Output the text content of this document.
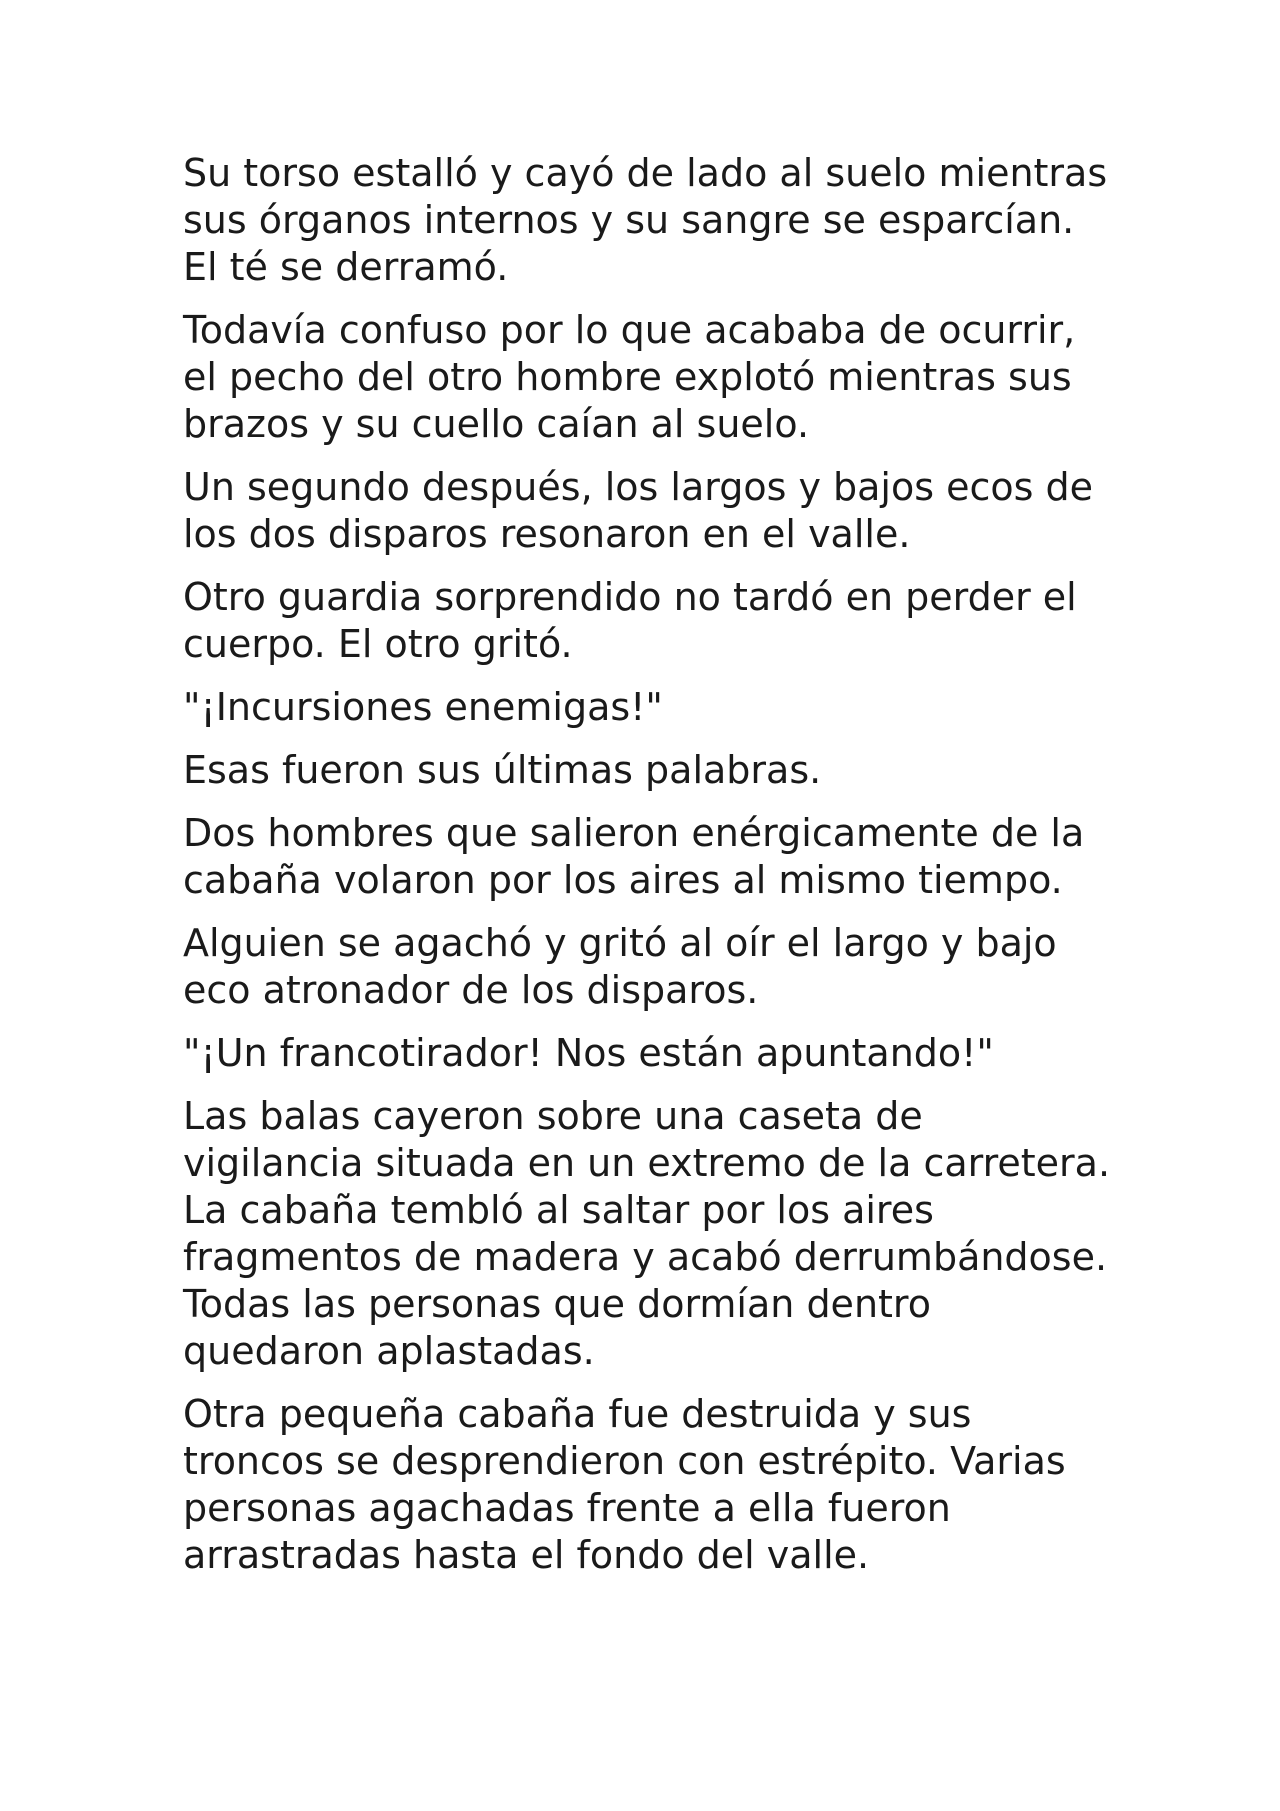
Su torso estalló y cayó de lado al suelo mientras sus órganos internos y su sangre se esparcían. El té se derramó.

Todavía confuso por lo que acababa de ocurrir, el pecho del otro hombre explotó mientras sus brazos y su cuello caían al suelo.

Un segundo después, los largos y bajos ecos de los dos disparos resonaron en el valle.

Otro guardia sorprendido no tardó en perder el cuerpo. El otro gritó.

"¡Incursiones enemigas!"

Esas fueron sus últimas palabras.

Dos hombres que salieron enérgicamente de la cabaña volaron por los aires al mismo tiempo.

Alguien se agachó y gritó al oír el largo y bajo eco atronador de los disparos.

"¡Un francotirador! Nos están apuntando!"

Las balas cayeron sobre una caseta de vigilancia situada en un extremo de la carretera. La cabaña tembló al saltar por los aires fragmentos de madera y acabó derrumbándose. Todas las personas que dormían dentro quedaron aplastadas.

Otra pequeña cabaña fue destruida y sus troncos se desprendieron con estrépito. Varias personas agachadas frente a ella fueron arrastradas hasta el fondo del valle.
